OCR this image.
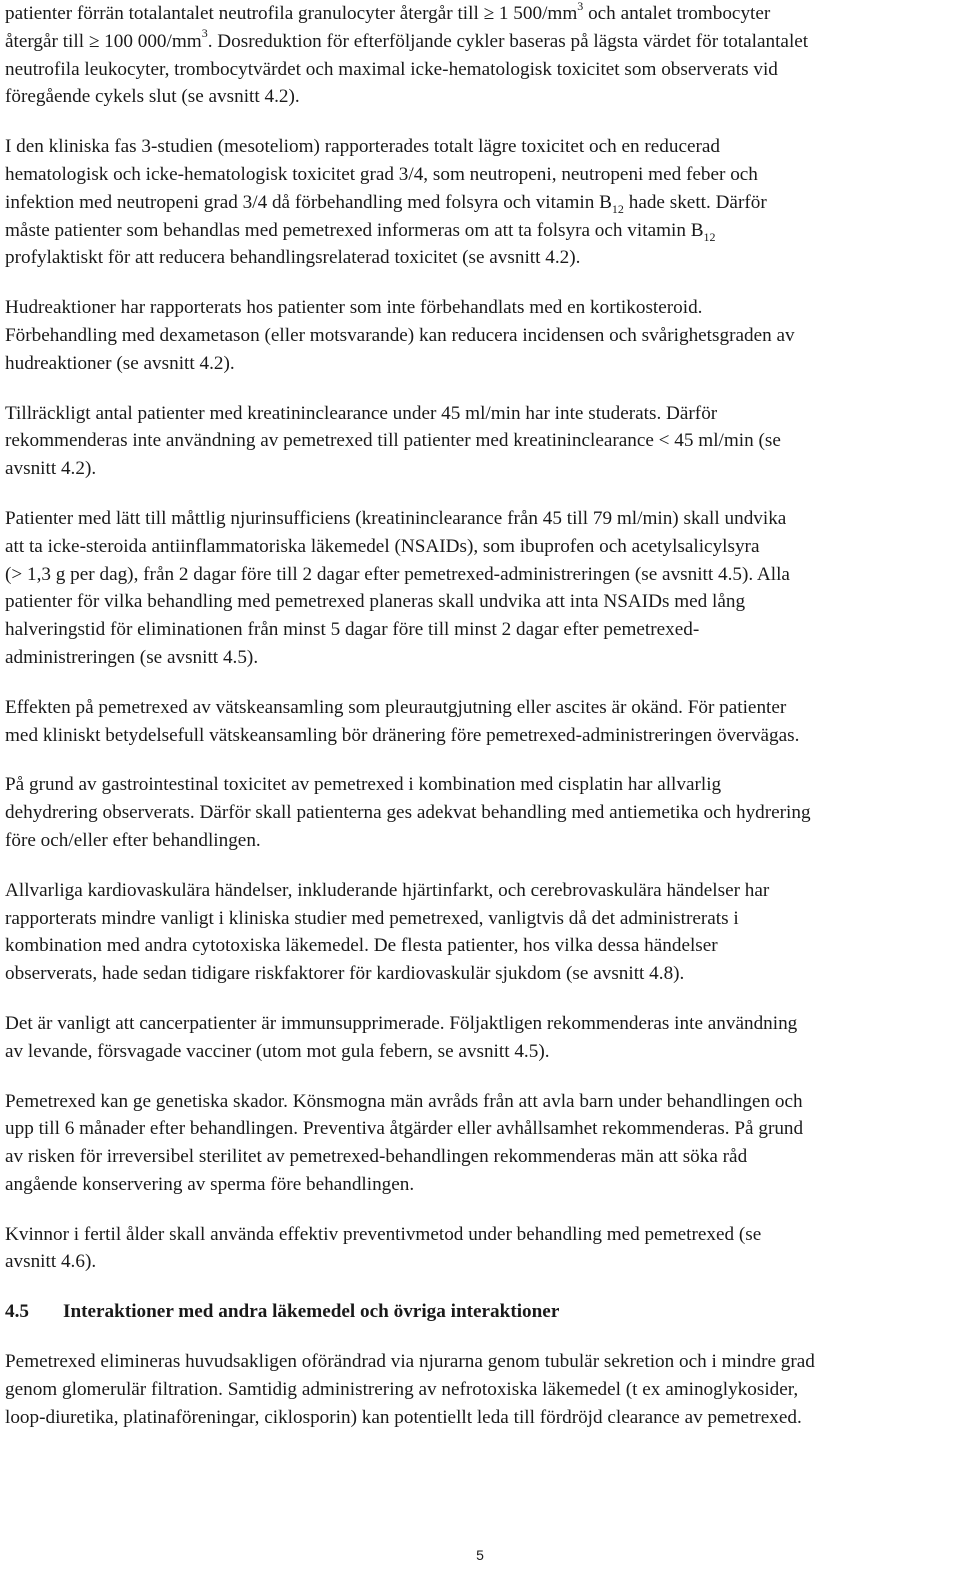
patienter förrän totalantalet neutrofila granulocyter återgår till ≥ 1 $500/mm^3$ och antalet trombocyter
återgår till ≥ 100 $000/mm^3$. Dosreduktion för efterföljande cykler baseras på lägsta värdet för totalantalet
neutrofila leukocyter, trombocytvärdet och maximal icke-hematologisk toxicitet som observerats vid
föregående cykels slut (se avsnitt 4.2).

I den kliniska fas 3-studien (mesoteliom) rapporterades totalt lägre toxicitet och en reducerad
hematologisk och icke-hematologisk toxicitet grad 3/4, som neutropeni, neutropeni med feber och
infektion med neutropeni grad 3/4 då förbehandling med folsyra och vitamin $B_{12}$ hade skett. Därför
måste patienter som behandlas med pemetrexed informeras om att ta folsyra och vitamin $B_{12}$
profylaktiskt för att reducera behandlingsrelaterad toxicitet (se avsnitt 4.2).

Hudreaktioner har rapporterats hos patienter som inte förbehandlats med en kortikosteroid.
Förbehandling med dexametason (eller motsvarande) kan reducera incidensen och svårighetsgraden av
hudreaktioner (se avsnitt 4.2).

Tillräckligt antal patienter med kreatininclearance under 45 ml/min har inte studerats. Därför
rekommenderas inte användning av pemetrexed till patienter med kreatininclearance < 45 ml/min (se
avsnitt 4.2).

Patienter med lätt till måttlig njurinsufficiens (kreatininclearance från 45 till 79 ml/min) skall undvika
att ta icke-steroida antiinflammatoriska läkemedel (NSAIDs), som ibuprofen och acetylsalicylsyra
(> 1,3 g per dag), från 2 dagar före till 2 dagar efter pemetrexed-administreringen (se avsnitt 4.5). Alla
patienter för vilka behandling med pemetrexed planeras skall undvika att inta NSAIDs med lång
halveringstid för eliminationen från minst 5 dagar före till minst 2 dagar efter pemetrexed-
administreringen (se avsnitt 4.5).

Effekten på pemetrexed av vätskeansamling som pleurautgjutning eller ascites är okänd. För patienter
med kliniskt betydelsefull vätskeansamling bör dränering före pemetrexed-administreringen övervägas.

På grund av gastrointestinal toxicitet av pemetrexed i kombination med cisplatin har allvarlig
dehydrering observerats. Därför skall patienterna ges adekvat behandling med antiemetika och hydrering
före och/eller efter behandlingen.

Allvarliga kardiovaskulära händelser, inkluderande hjärtinfarkt, och cerebrovaskulära händelser har
rapporterats mindre vanligt i kliniska studier med pemetrexed, vanligtvis då det administrerats i
kombination med andra cytotoxiska läkemedel. De flesta patienter, hos vilka dessa händelser
observerats, hade sedan tidigare riskfaktorer för kardiovaskulär sjukdom (se avsnitt 4.8).

Det är vanligt att cancerpatienter är immunsupprimerade. Följaktligen rekommenderas inte användning
av levande, försvagade vacciner (utom mot gula febern, se avsnitt 4.5).

Pemetrexed kan ge genetiska skador. Könsmogna män avråds från att avla barn under behandlingen och
upp till 6 månader efter behandlingen. Preventiva åtgärder eller avhållsamhet rekommenderas. På grund
av risken för irreversibel sterilitet av pemetrexed-behandlingen rekommenderas män att söka råd
angående konservering av sperma före behandlingen.

Kvinnor i fertil ålder skall använda effektiv preventivmetod under behandling med pemetrexed (se
avsnitt 4.6).

4.5 Interaktioner med andra läkemedel och övriga interaktioner

Pemetrexed elimineras huvudsakligen oförändrad via njurarna genom tubulär sekretion och i mindre grad
genom glomerulär filtration. Samtidig administrering av nefrotoxiska läkemedel (t ex aminoglykosider,
loop-diuretika, platinaföreningar, ciklosporin) kan potentiellt leda till fördröjd clearance av pemetrexed.

5
